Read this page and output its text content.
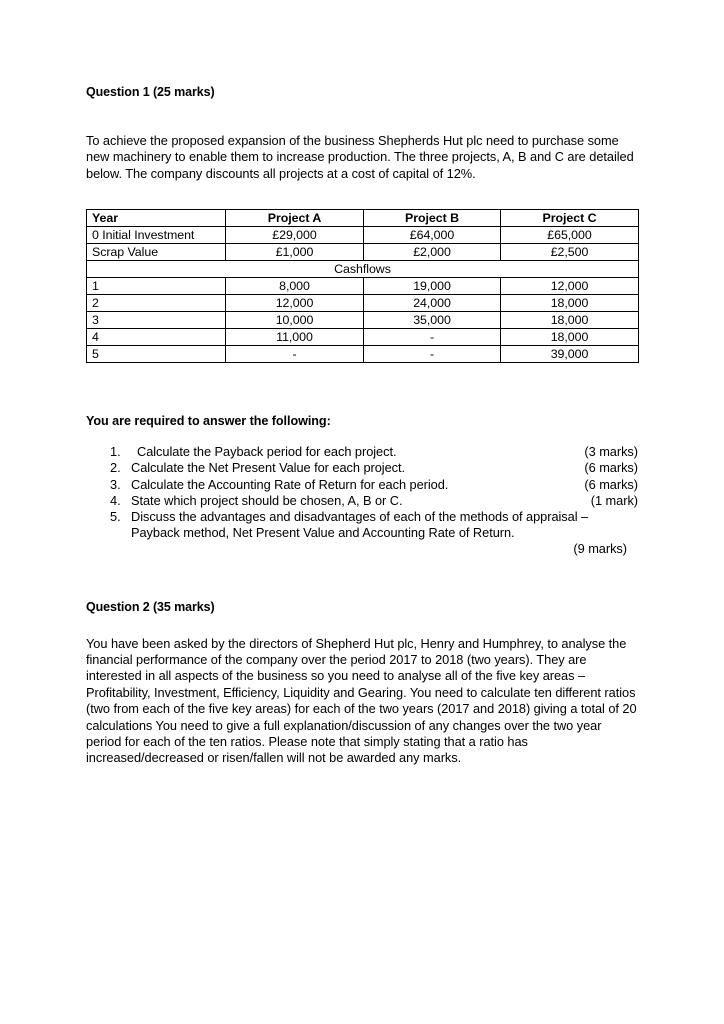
Question 1 (25 marks)
To achieve the proposed expansion of the business Shepherds Hut plc need to purchase some new machinery to enable them to increase production. The three projects, A, B and C are detailed below. The company discounts all projects at a cost of capital of 12%.
Year	Project A	Project B	Project C
0 Initial Investment	£29,000	£64,000	£65,000
Scrap Value	£1,000	£2,000	£2,500
Cashflows			
1	8,000	19,000	12,000
2	12,000	24,000	18,000
3	10,000	35,000	18,000
4	11,000	-	18,000
5	-	-	39,000
You are required to answer the following:
1.	Calculate the Payback period for each project.	(3 marks)
2. Calculate the Net Present Value for each project.	(6 marks)
3. Calculate the Accounting Rate of Return for each period.	(6 marks)
4. State which project should be chosen, A, B or C.	(1 mark)
5. Discuss the advantages and disadvantages of each of the methods of appraisal – Payback method, Net Present Value and Accounting Rate of Return.
(9 marks)
Question 2 (35 marks)
You have been asked by the directors of Shepherd Hut plc, Henry and Humphrey, to analyse the financial performance of the company over the period 2017 to 2018 (two years). They are interested in all aspects of the business so you need to analyse all of the five key areas – Profitability, Investment, Efficiency, Liquidity and Gearing. You need to calculate ten different ratios (two from each of the five key areas) for each of the two years (2017 and 2018) giving a total of 20 calculations You need to give a full explanation/discussion of any changes over the two year period for each of the ten ratios. Please note that simply stating that a ratio has increased/decreased or risen/fallen will not be awarded any marks.
